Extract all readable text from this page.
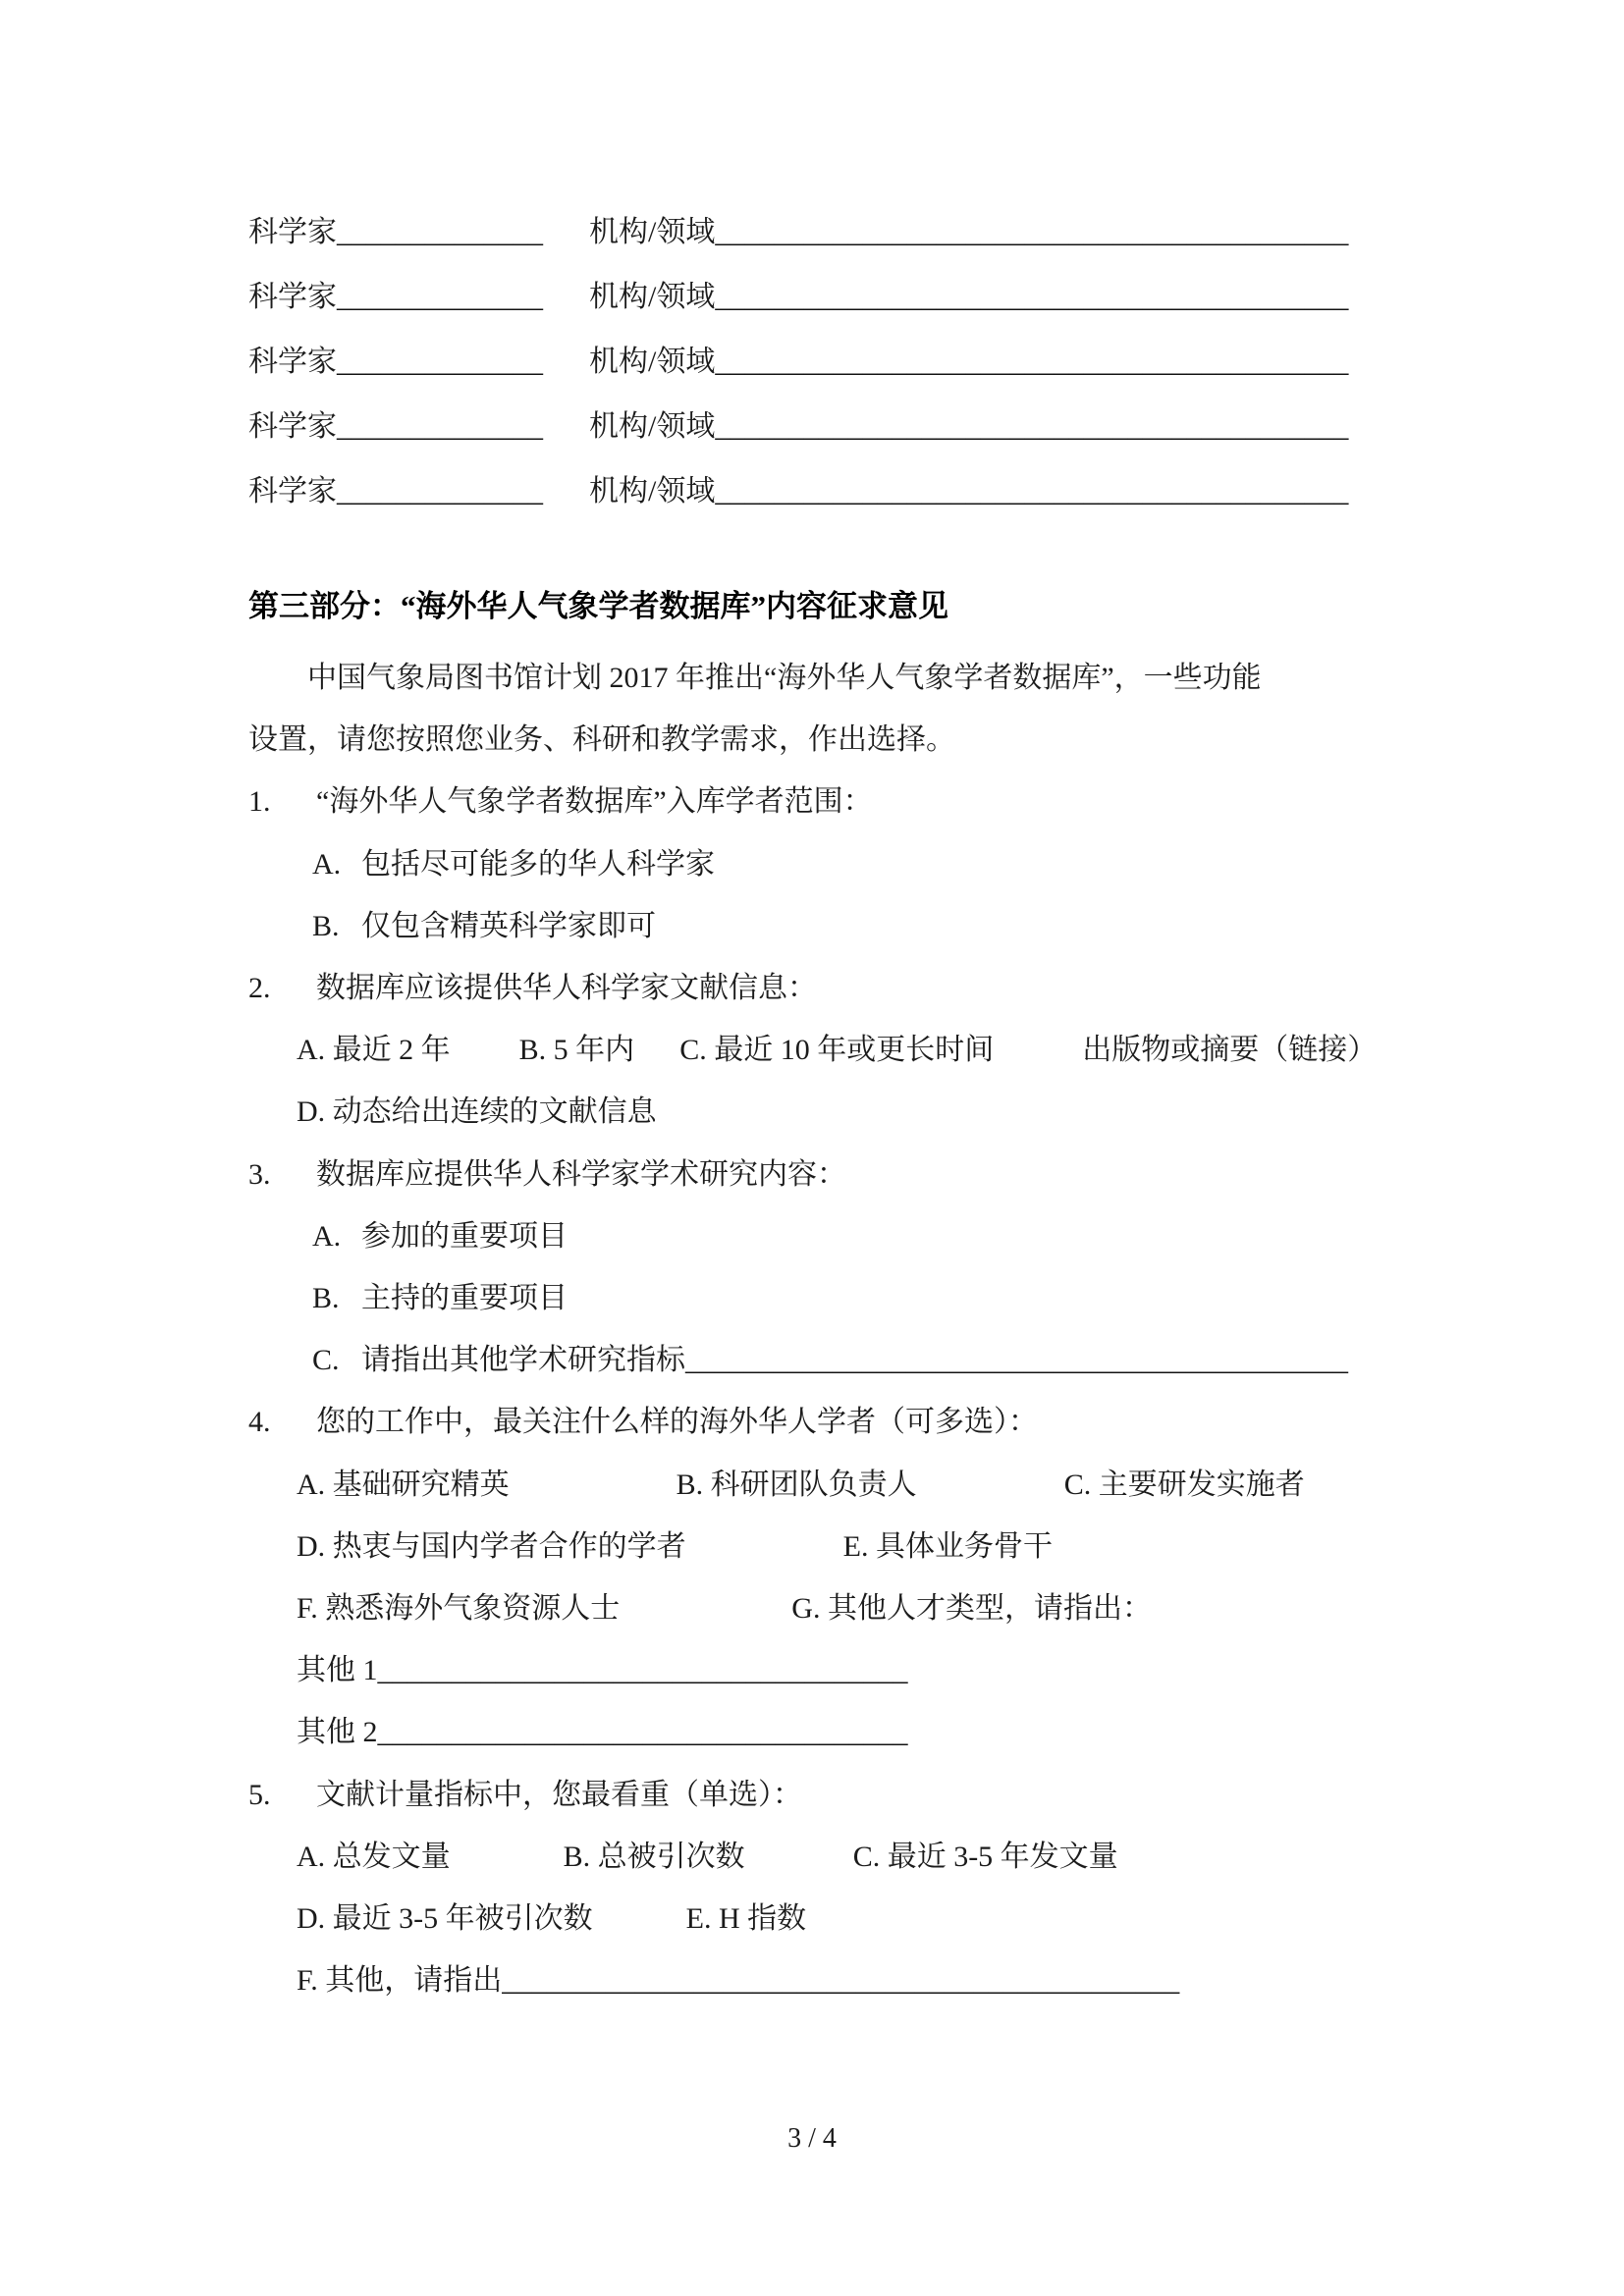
科学家______________ 机构/领域___________________________________________
科学家______________ 机构/领域___________________________________________
科学家______________ 机构/领域___________________________________________
科学家______________ 机构/领域___________________________________________
科学家______________ 机构/领域___________________________________________
第三部分：“海外华人气象学者数据库”内容征求意见
中国气象局图书馆计划 2017 年推出“海外华人气象学者数据库”，一些功能
设置，请您按照您业务、科研和教学需求，作出选择。
1. “海外华人气象学者数据库”入库学者范围：
A. 包括尽可能多的华人科学家
B. 仅包含精英科学家即可
2. 数据库应该提供华人科学家文献信息：
A. 最近 2 年 B. 5 年内 C. 最近 10 年或更长时间	出版物或摘要（链接）
D. 动态给出连续的文献信息
3. 数据库应提供华人科学家学术研究内容：
A. 参加的重要项目
B. 主持的重要项目
C. 请指出其他学术研究指标_____________________________________________
4. 您的工作中，最关注什么样的海外华人学者（可多选）：
A. 基础研究精英	B. 科研团队负责人	C. 主要研发实施者
D. 热衷与国内学者合作的学者	E. 具体业务骨干
F. 熟悉海外气象资源人士	G. 其他人才类型，请指出：
其他 1____________________________________
其他 2____________________________________
5. 文献计量指标中，您最看重（单选）：
A. 总发文量	B. 总被引次数	C. 最近 3-5 年发文量
D. 最近 3-5 年被引次数	E. H 指数
F. 其他，请指出______________________________________________
3 / 4
